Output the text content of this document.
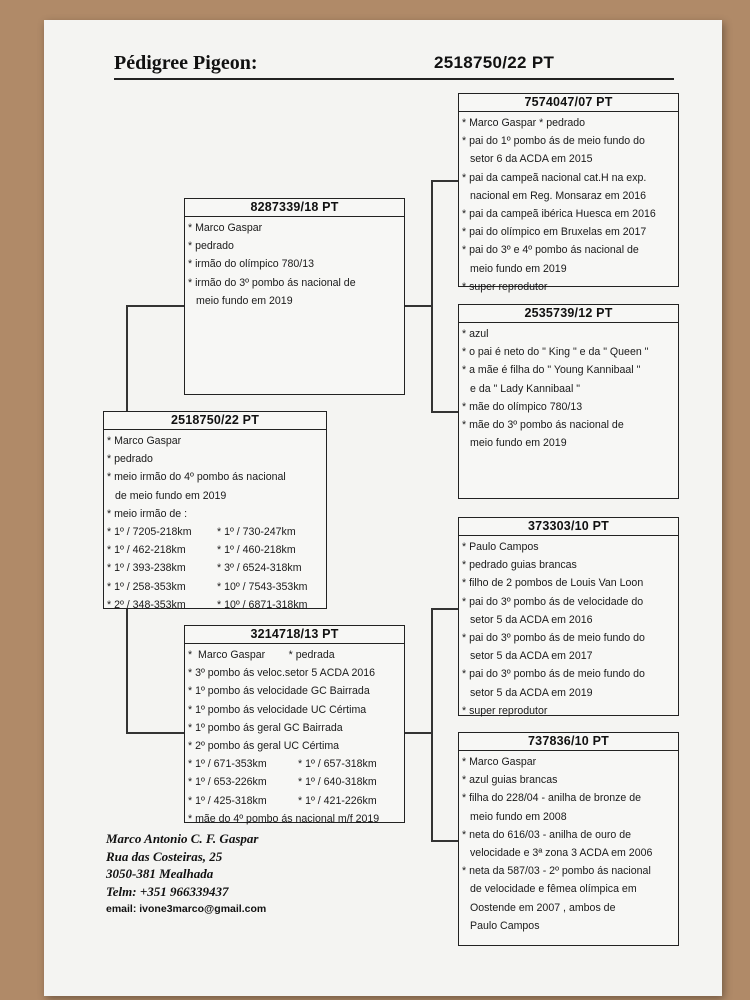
Pédigree Pigeon:	2518750/22 PT
8287339/18 PT
* Marco Gaspar
* pedrado
* irmão do olímpico 780/13
* irmão do 3º pombo ás nacional de
meio fundo em 2019
2518750/22 PT
* Marco Gaspar
* pedrado
* meio irmão do 4º pombo ás nacional
de meio fundo em 2019
* meio irmão de :
* 1º / 7205-218km	* 1º / 730-247km
* 1º / 462-218km	* 1º / 460-218km
* 1º / 393-238km	* 3º / 6524-318km
* 1º / 258-353km	* 10º / 7543-353km
* 2º / 348-353km	* 10º / 6871-318km
3214718/13 PT
*  Marco Gaspar        * pedrada
* 3º pombo ás veloc.setor 5 ACDA 2016
* 1º pombo ás velocidade GC Bairrada
* 1º pombo ás velocidade UC Cértima
* 1º pombo ás geral GC Bairrada
* 2º pombo ás geral UC Cértima
* 1º / 671-353km	* 1º / 657-318km
* 1º / 653-226km	* 1º / 640-318km
* 1º / 425-318km	* 1º / 421-226km
* mãe do 4º pombo ás nacional m/f 2019
7574047/07 PT
* Marco Gaspar * pedrado
* pai do 1º pombo ás de meio fundo do
setor 6 da ACDA em 2015
* pai da campeã nacional cat.H na exp.
nacional em Reg. Monsaraz em 2016
* pai da campeã ibérica Huesca em 2016
* pai do olímpico em Bruxelas em 2017
* pai do 3º e 4º pombo ás nacional de
meio fundo em 2019
* super reprodutor
2535739/12 PT
* azul
* o pai é neto do " King " e da " Queen "
* a mãe é filha do " Young Kannibaal "
e da " Lady Kannibaal "
* mãe do olímpico 780/13
* mãe do 3º pombo ás nacional de
meio fundo em 2019
373303/10 PT
* Paulo Campos
* pedrado guias brancas
* filho de 2 pombos de Louis Van Loon
* pai do 3º pombo ás de velocidade do
setor 5 da ACDA em 2016
* pai do 3º pombo ás de meio fundo do
setor 5 da ACDA em 2017
* pai do 3º pombo ás de meio fundo do
setor 5 da ACDA em 2019
* super reprodutor
737836/10 PT
* Marco Gaspar
* azul guias brancas
* filha do 228/04 - anilha de bronze de
meio fundo em 2008
* neta do 616/03 - anilha de ouro de
velocidade e 3ª zona 3 ACDA em 2006
* neta da 587/03 - 2º pombo ás nacional
de velocidade e fêmea olímpica em
Oostende em 2007 , ambos de
Paulo Campos
Marco Antonio C. F. Gaspar
Rua das Costeiras, 25
3050-381 Mealhada
Telm: +351 966339437
email: ivone3marco@gmail.com
